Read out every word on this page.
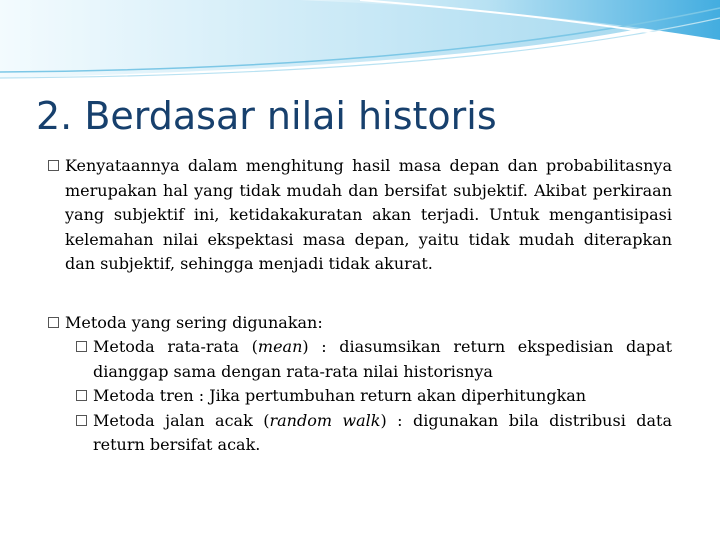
2. Berdasar nilai historis
Kenyataannya dalam menghitung hasil masa depan dan probabilitasnya merupakan hal yang tidak mudah dan bersifat subjektif. Akibat perkiraan yang subjektif ini, ketidakakuratan akan terjadi. Untuk mengantisipasi kelemahan nilai ekspektasi masa depan, yaitu tidak mudah diterapkan dan subjektif, sehingga menjadi tidak akurat.
Metoda yang sering digunakan:
Metoda rata-rata (mean) : diasumsikan return ekspedisian dapat dianggap sama dengan rata-rata nilai historisnya
Metoda tren : Jika pertumbuhan return akan diperhitungkan
Metoda jalan acak (random walk) : digunakan bila distribusi data return bersifat acak.
